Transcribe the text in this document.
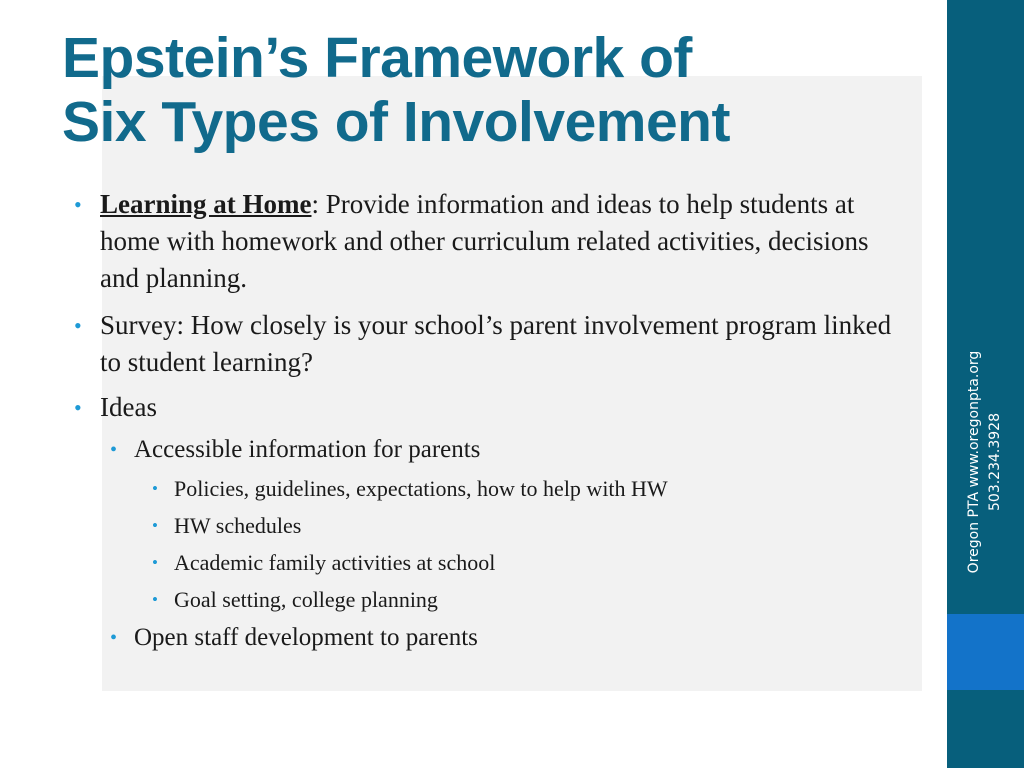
Oregon PTA www.oregonpta.org 503.234.3928
Epstein’s Framework of
Six Types of Involvement
• Learning at Home: Provide information and ideas to help students at home with homework and other curriculum related activities, decisions and planning.
• Survey: How closely is your school’s parent involvement program linked to student learning?
• Ideas
• Accessible information for parents
• Policies, guidelines, expectations, how to help with HW
• HW schedules
• Academic family activities at school
• Goal setting, college planning
• Open staff development to parents
